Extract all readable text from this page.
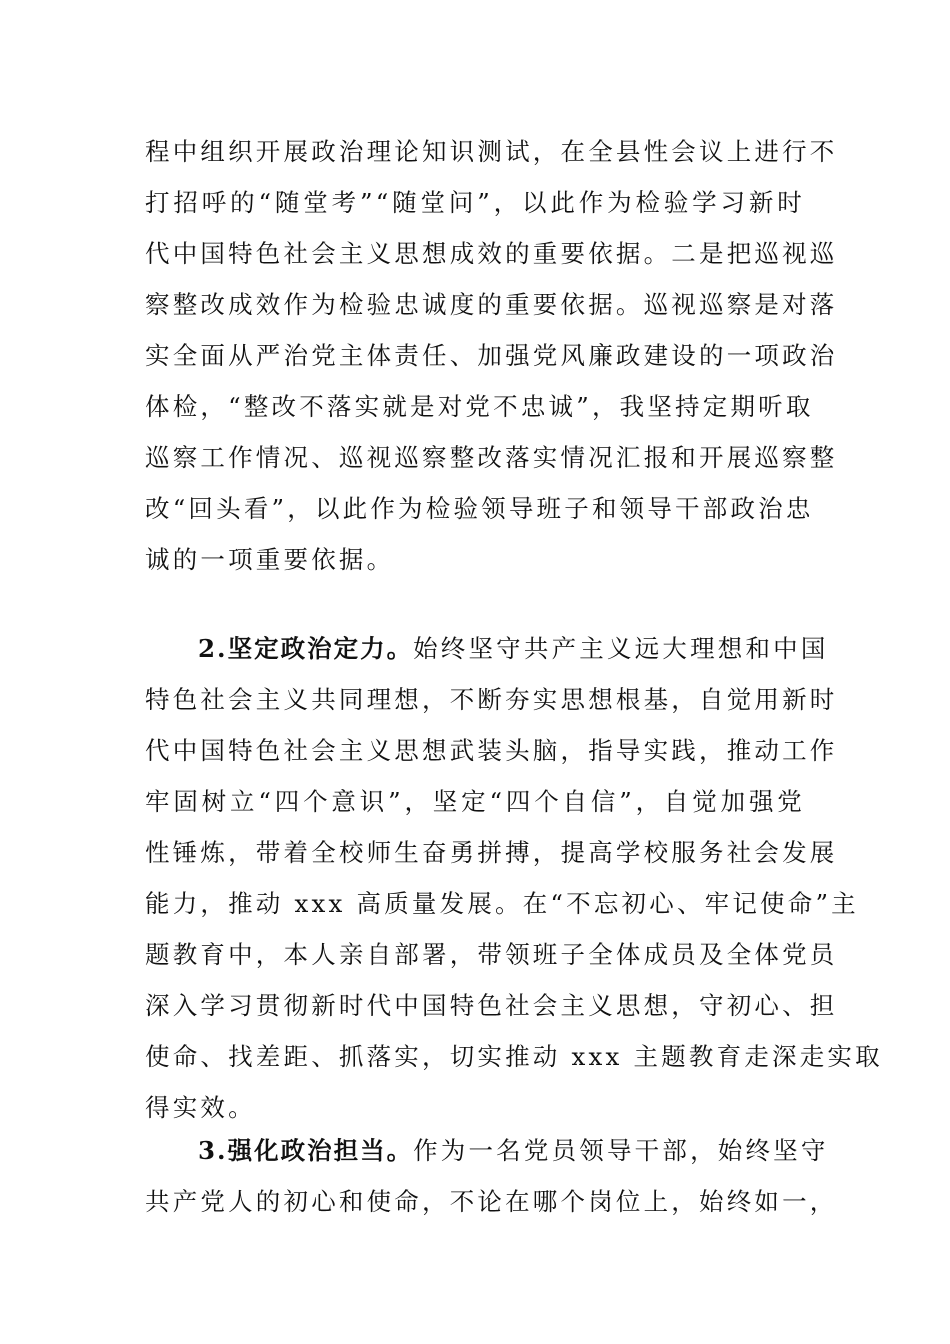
程中组织开展政治理论知识测试，在全县性会议上进行不
打招呼的“随堂考”“随堂问”，以此作为检验学习新时
代中国特色社会主义思想成效的重要依据。二是把巡视巡
察整改成效作为检验忠诚度的重要依据。巡视巡察是对落
实全面从严治党主体责任、加强党风廉政建设的一项政治
体检，“整改不落实就是对党不忠诚”，我坚持定期听取
巡察工作情况、巡视巡察整改落实情况汇报和开展巡察整
改“回头看”，以此作为检验领导班子和领导干部政治忠
诚的一项重要依据。
2.坚定政治定力。始终坚守共产主义远大理想和中国
特色社会主义共同理想，不断夯实思想根基，自觉用新时
代中国特色社会主义思想武装头脑，指导实践，推动工作
牢固树立“四个意识”，坚定“四个自信”，自觉加强党
性锤炼，带着全校师生奋勇拼搏，提高学校服务社会发展
能力，推动 xxx 高质量发展。在“不忘初心、牢记使命”主
题教育中，本人亲自部署，带领班子全体成员及全体党员
深入学习贯彻新时代中国特色社会主义思想，守初心、担
使命、找差距、抓落实，切实推动 xxx 主题教育走深走实取
得实效。
3.强化政治担当。作为一名党员领导干部，始终坚守
共产党人的初心和使命，不论在哪个岗位上，始终如一，
